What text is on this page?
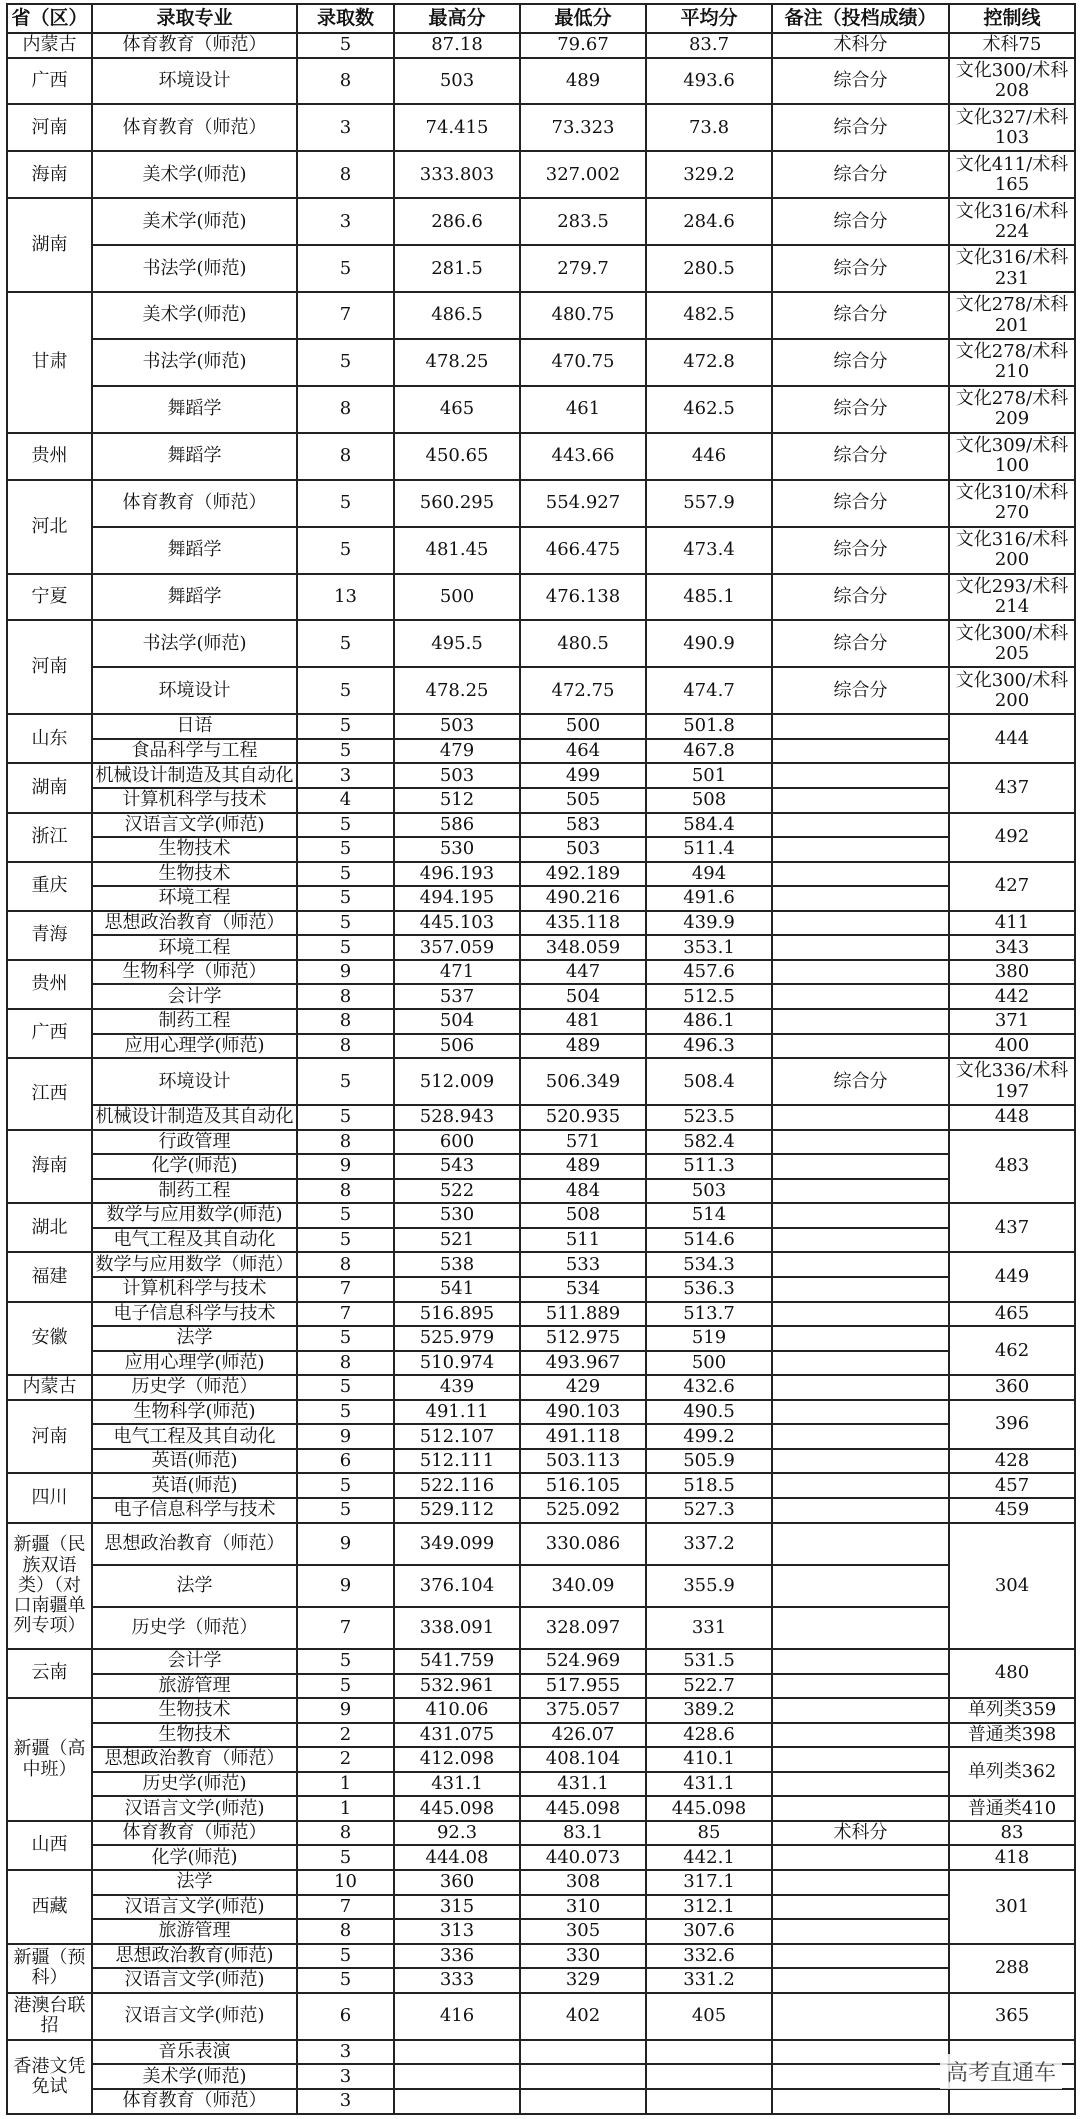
省（区）	录取专业	录取数	最高分	最低分	平均分	备注（投档成绩）	控制线
内蒙古	体育教育（师范）	5	87.18	79.67	83.7	术科分	术科75
广西	环境设计	8	503	489	493.6	综合分	文化300/术科208
河南	体育教育（师范）	3	74.415	73.323	73.8	综合分	文化327/术科103
海南	美术学(师范)	8	333.803	327.002	329.2	综合分	文化411/术科165
湖南	美术学(师范)	3	286.6	283.5	284.6	综合分	文化316/术科224
	书法学(师范)	5	281.5	279.7	280.5	综合分	文化316/术科231
甘肃	美术学(师范)	7	486.5	480.75	482.5	综合分	文化278/术科201
	书法学(师范)	5	478.25	470.75	472.8	综合分	文化278/术科210
	舞蹈学	8	465	461	462.5	综合分	文化278/术科209
贵州	舞蹈学	8	450.65	443.66	446	综合分	文化309/术科100
河北	体育教育（师范）	5	560.295	554.927	557.9	综合分	文化310/术科270
	舞蹈学	5	481.45	466.475	473.4	综合分	文化316/术科200
宁夏	舞蹈学	13	500	476.138	485.1	综合分	文化293/术科214
河南	书法学(师范)	5	495.5	480.5	490.9	综合分	文化300/术科205
	环境设计	5	478.25	472.75	474.7	综合分	文化300/术科200
山东	日语	5	503	500	501.8		444
	食品科学与工程	5	479	464	467.8		
湖南	机械设计制造及其自动化	3	503	499	501		437
	计算机科学与技术	4	512	505	508		
浙江	汉语言文学(师范)	5	586	583	584.4		492
	生物技术	5	530	503	511.4		
重庆	生物技术	5	496.193	492.189	494		427
	环境工程	5	494.195	490.216	491.6		
青海	思想政治教育（师范）	5	445.103	435.118	439.9		411
	环境工程	5	357.059	348.059	353.1		343
贵州	生物科学（师范）	9	471	447	457.6		380
	会计学	8	537	504	512.5		442
广西	制药工程	8	504	481	486.1		371
	应用心理学(师范)	8	506	489	496.3		400
江西	环境设计	5	512.009	506.349	508.4	综合分	文化336/术科197
	机械设计制造及其自动化	5	528.943	520.935	523.5		448
海南	行政管理	8	600	571	582.4		483
	化学(师范)	9	543	489	511.3		
	制药工程	8	522	484	503		
湖北	数学与应用数学(师范)	5	530	508	514		437
	电气工程及其自动化	5	521	511	514.6		
福建	数学与应用数学（师范）	8	538	533	534.3		449
	计算机科学与技术	7	541	534	536.3		
安徽	电子信息科学与技术	7	516.895	511.889	513.7		465
	法学	5	525.979	512.975	519		462
	应用心理学(师范)	8	510.974	493.967	500		
内蒙古	历史学（师范）	5	439	429	432.6		360
河南	生物科学(师范)	5	491.11	490.103	490.5		396
	电气工程及其自动化	9	512.107	491.118	499.2		
	英语(师范)	6	512.111	503.113	505.9		428
四川	英语(师范)	5	522.116	516.105	518.5		457
	电子信息科学与技术	5	529.112	525.092	527.3		459
新疆（民族双语类）（对口南疆单列专项）	思想政治教育（师范）	9	349.099	330.086	337.2		304
	法学	9	376.104	340.09	355.9		
	历史学（师范）	7	338.091	328.097	331		
云南	会计学	5	541.759	524.969	531.5		480
	旅游管理	5	532.961	517.955	522.7		
新疆（高中班）	生物技术	9	410.06	375.057	389.2		单列类359
	生物技术	2	431.075	426.07	428.6		普通类398
	思想政治教育（师范）	2	412.098	408.104	410.1		单列类362
	历史学(师范)	1	431.1	431.1	431.1		
	汉语言文学(师范)	1	445.098	445.098	445.098		普通类410
山西	体育教育（师范）	8	92.3	83.1	85	术科分	83
	化学(师范)	5	444.08	440.073	442.1		418
西藏	法学	10	360	308	317.1		301
	汉语言文学(师范)	7	315	310	312.1		
	旅游管理	8	313	305	307.6		
新疆（预科）	思想政治教育(师范)	5	336	330	332.6		288
	汉语言文学(师范)	5	333	329	331.2		
港澳台联招	汉语言文学(师范)	6	416	402	405		365
香港文凭免试	音乐表演	3					
	美术学(师范)	3					
	体育教育（师范）	3					
高考直通车
